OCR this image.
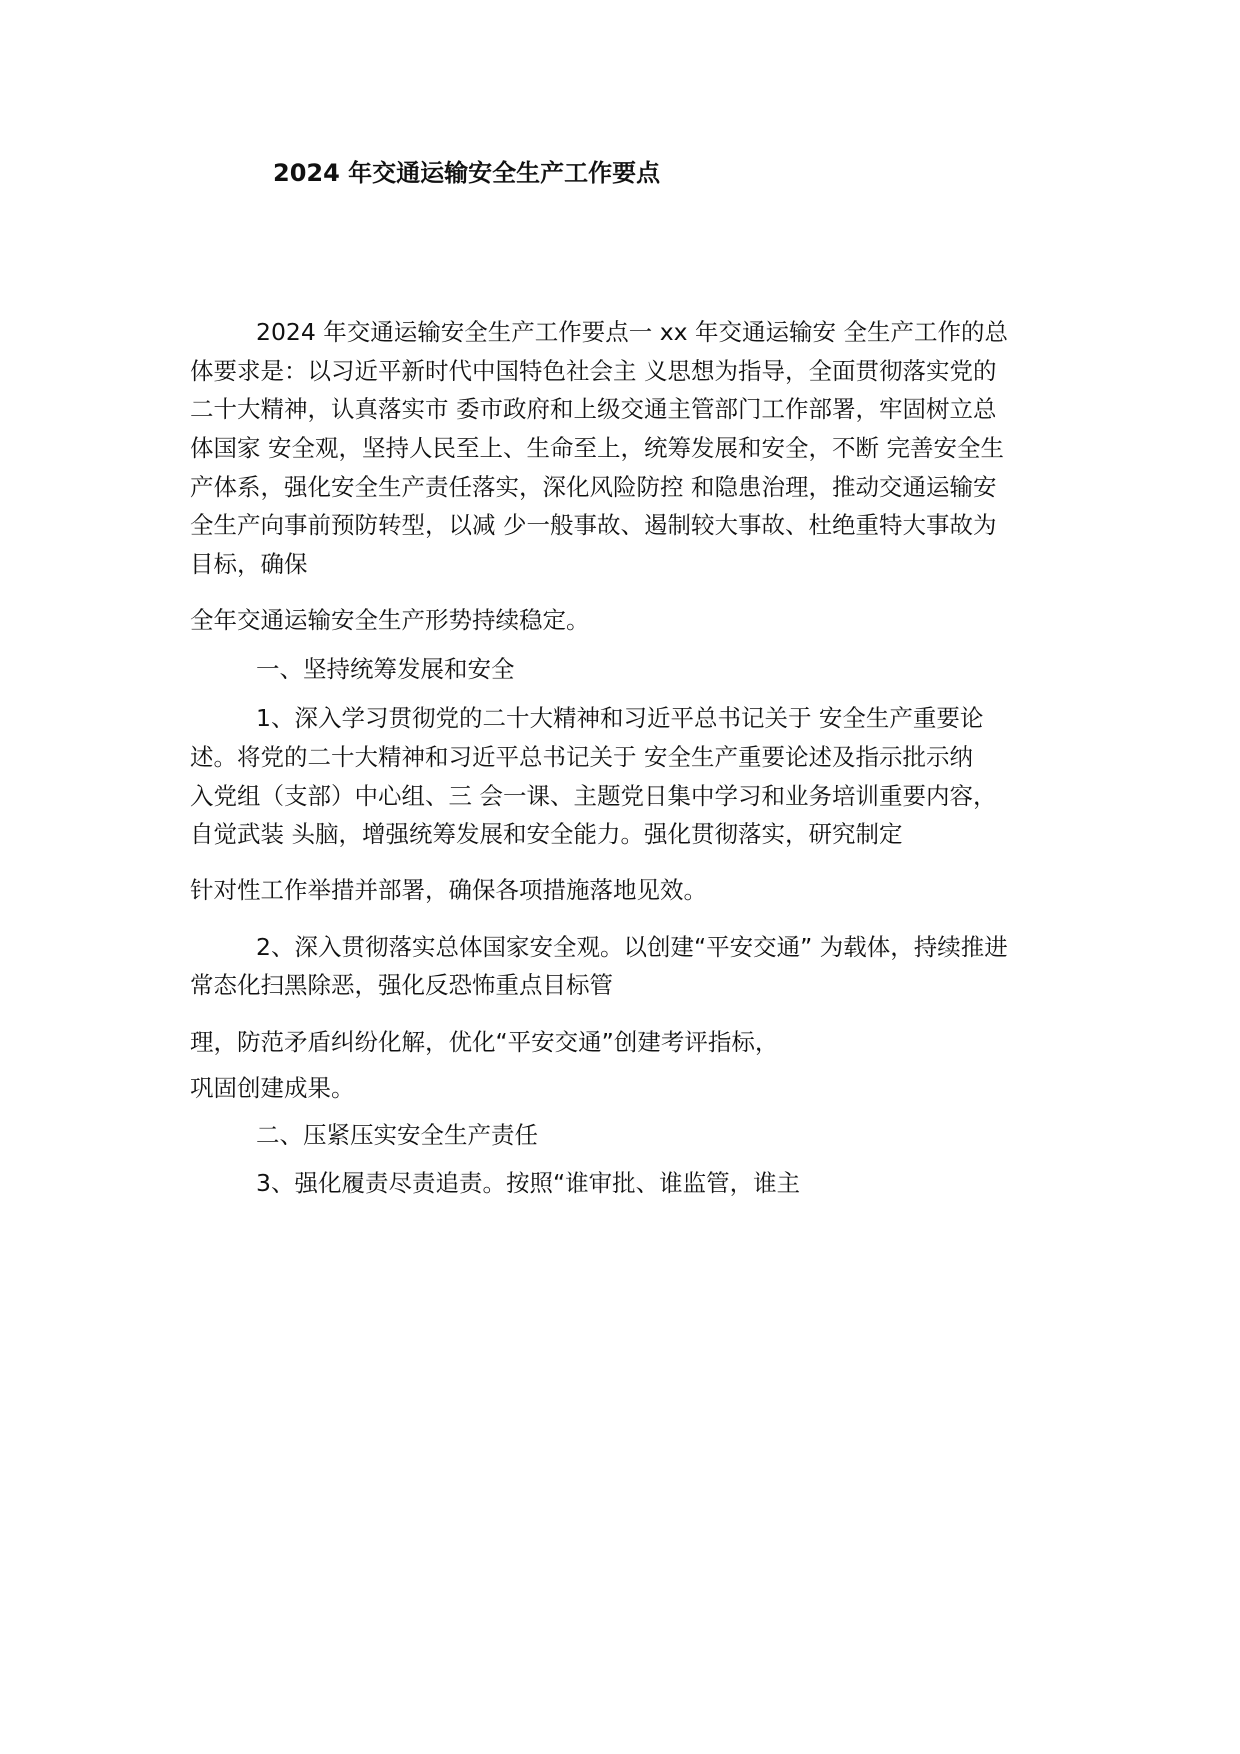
2024 年交通运输安全生产工作要点
2024 年交通运输安全生产工作要点一 xx 年交通运输安 全生产工作的总
体要求是：以习近平新时代中国特色社会主 义思想为指导，全面贯彻落实党的
二十大精神，认真落实市 委市政府和上级交通主管部门工作部署，牢固树立总
体国家 安全观，坚持人民至上、生命至上，统筹发展和安全，不断 完善安全生
产体系，强化安全生产责任落实，深化风险防控 和隐患治理，推动交通运输安
全生产向事前预防转型，以减 少一般事故、遏制较大事故、杜绝重特大事故为
目标，确保
全年交通运输安全生产形势持续稳定。
一、坚持统筹发展和安全
1、深入学习贯彻党的二十大精神和习近平总书记关于 安全生产重要论
述。将党的二十大精神和习近平总书记关于 安全生产重要论述及指示批示纳
入党组（支部）中心组、三 会一课、主题党日集中学习和业务培训重要内容，
自觉武装 头脑，增强统筹发展和安全能力。强化贯彻落实，研究制定
针对性工作举措并部署，确保各项措施落地见效。
2、深入贯彻落实总体国家安全观。以创建“平安交通” 为载体，持续推进
常态化扫黑除恶，强化反恐怖重点目标管
理，防范矛盾纠纷化解，优化“平安交通”创建考评指标，
巩固创建成果。
二、压紧压实安全生产责任
3、强化履责尽责追责。按照“谁审批、谁监管，谁主
